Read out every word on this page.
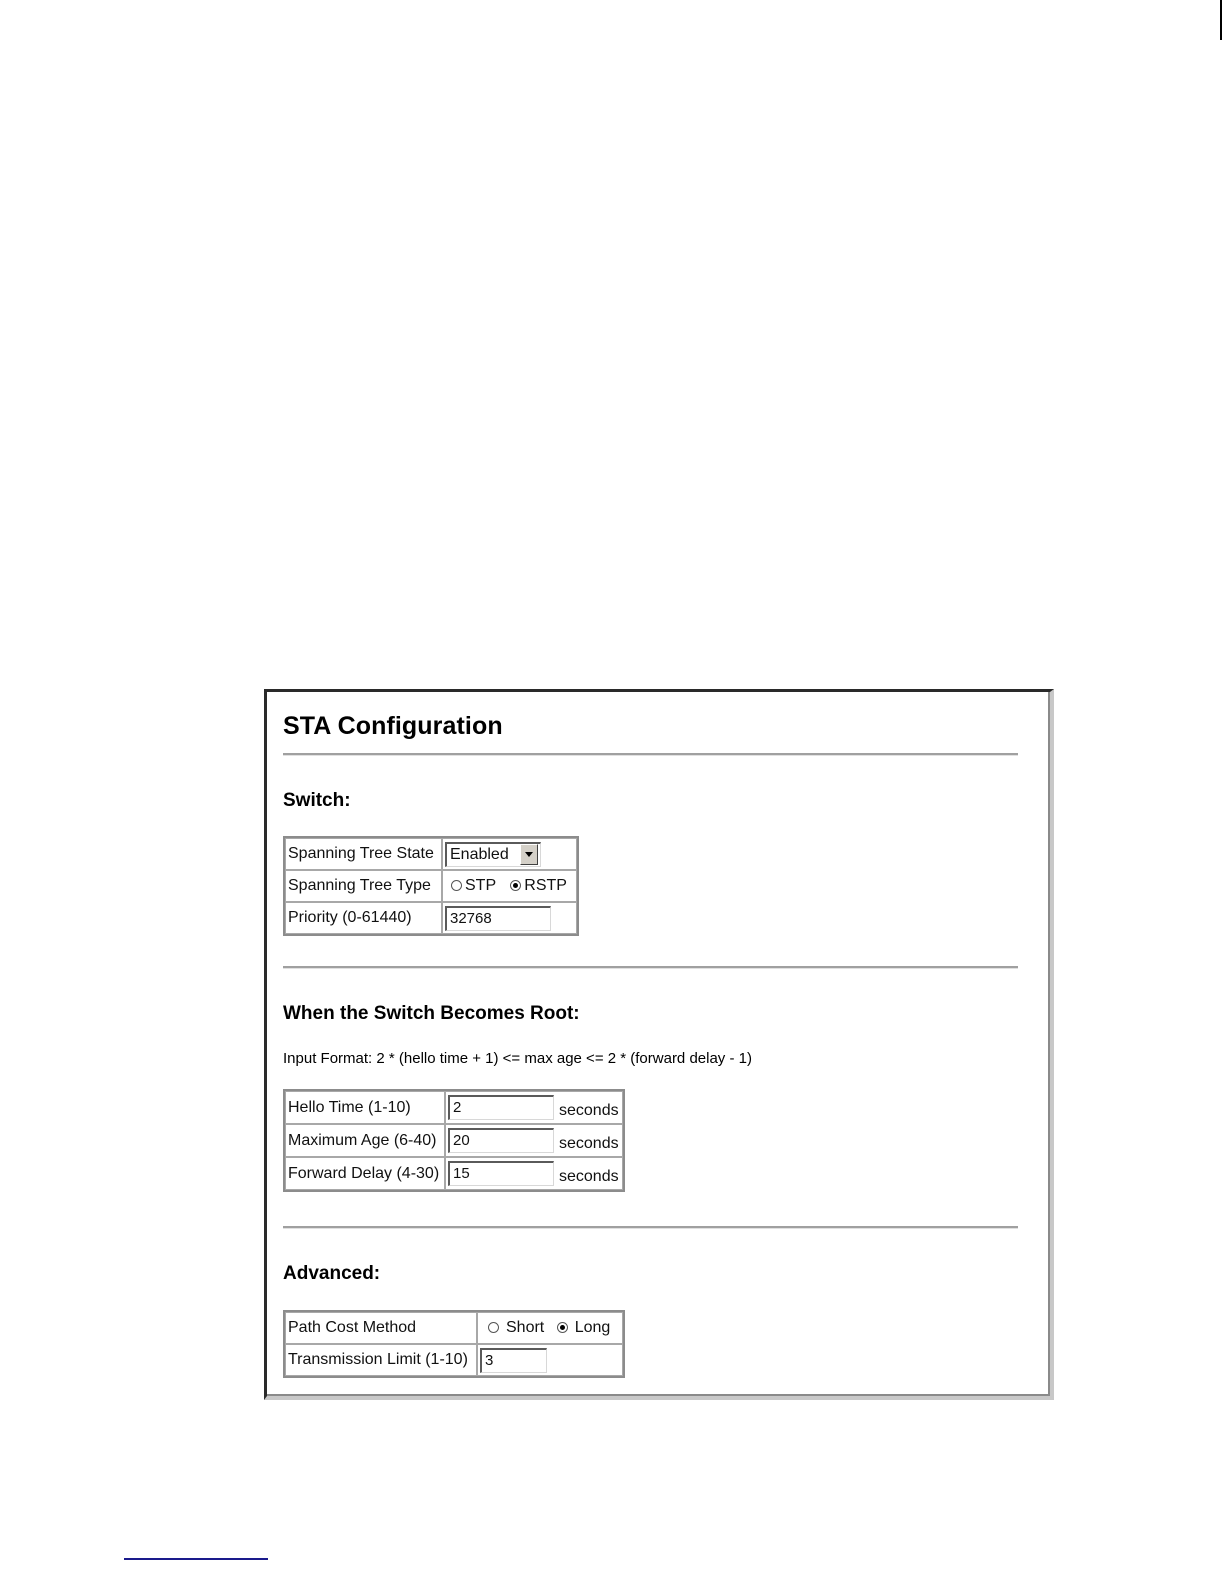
STA Configuration
Switch:
Spanning Tree State	Enabled

Spanning Tree Type	STP RSTP
Priority (0-61440)	32768
When the Switch Becomes Root:
Input Format: 2 * (hello time + 1) <= max age <= 2 * (forward delay - 1)
Hello Time (1-10)	2 seconds
Maximum Age (6-40)	20 seconds
Forward Delay (4-30)	15 seconds
Advanced:
Path Cost Method	Short Long
Transmission Limit (1-10)	3
